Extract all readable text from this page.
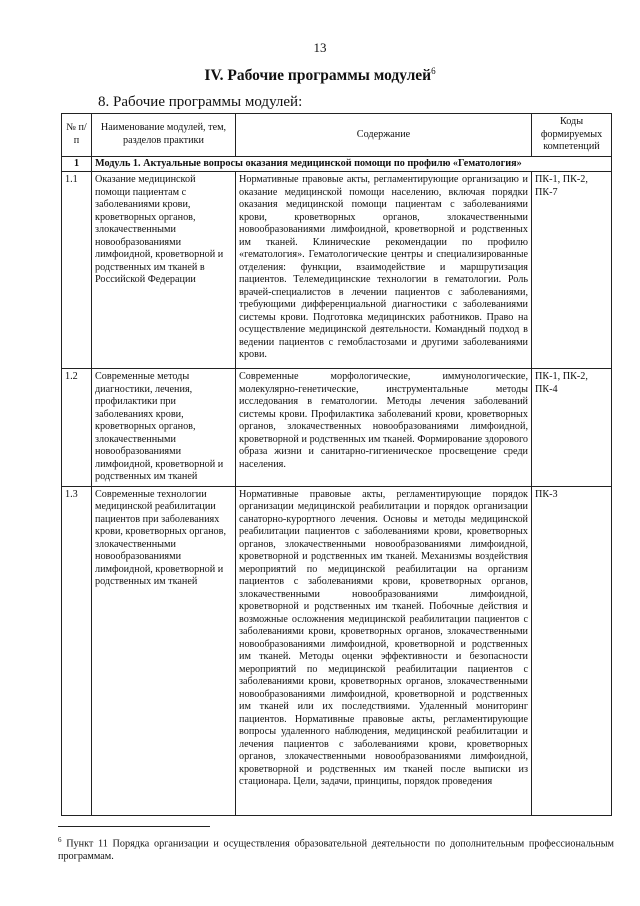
13
IV. Рабочие программы модулей$^6$
8. Рабочие программы модулей:
№ п/п	Наименование модулей, тем, разделов практики	Содержание	Коды формируемых компетенций
1	Модуль 1. Актуальные вопросы оказания медицинской помощи по профилю «Гематология»		
1.1	Оказание медицинской помощи пациентам с заболеваниями крови, кроветворных органов, злокачественными новообразованиями лимфоидной, кроветворной и родственных им тканей в Российской Федерации	Нормативные правовые акты, регламентирующие организацию и оказание медицинской помощи населению, включая порядки оказания медицинской помощи пациентам с заболеваниями крови, кроветворных органов, злокачественными новообразованиями лимфоидной, кроветворной и родственных им тканей. Клинические рекомендации по профилю «гематология». Гематологические центры и специализированные отделения: функции, взаимодействие и маршрутизация пациентов. Телемедицинские технологии в гематологии. Роль врачей-специалистов в лечении пациентов с заболеваниями, требующими дифференциальной диагностики с заболеваниями системы крови. Подготовка медицинских работников. Право на осуществление медицинской деятельности. Командный подход в ведении пациентов с гемобластозами и другими заболеваниями крови.	ПК-1, ПК-2, ПК-7
1.2	Современные методы диагностики, лечения, профилактики при заболеваниях крови, кроветворных органов, злокачественными новообразованиями лимфоидной, кроветворной и родственных им тканей	Современные морфологические, иммунологические, молекулярно-генетические, инструментальные методы исследования в гематологии. Методы лечения заболеваний системы крови. Профилактика заболеваний крови, кроветворных органов, злокачественных новообразованиями лимфоидной, кроветворной и родственных им тканей. Формирование здорового образа жизни и санитарно-гигиеническое просвещение среди населения.	ПК-1, ПК-2, ПК-4
1.3	Современные технологии медицинской реабилитации пациентов при заболеваниях крови, кроветворных органов, злокачественными новообразованиями лимфоидной, кроветворной и родственных им тканей	Нормативные правовые акты, регламентирующие порядок организации медицинской реабилитации и порядок организации санаторно-курортного лечения. Основы и методы медицинской реабилитации пациентов с заболеваниями крови, кроветворных органов, злокачественными новообразованиями лимфоидной, кроветворной и родственных им тканей. Механизмы воздействия мероприятий по медицинской реабилитации на организм пациентов с заболеваниями крови, кроветворных органов, злокачественными новообразованиями лимфоидной, кроветворной и родственных им тканей. Побочные действия и возможные осложнения медицинской реабилитации пациентов с заболеваниями крови, кроветворных органов, злокачественными новообразованиями лимфоидной, кроветворной и родственных им тканей. Методы оценки эффективности и безопасности мероприятий по медицинской реабилитации пациентов с заболеваниями крови, кроветворных органов, злокачественными новообразованиями лимфоидной, кроветворной и родственных им тканей или их последствиями. Удаленный мониторинг пациентов. Нормативные правовые акты, регламентирующие вопросы удаленного наблюдения, медицинской реабилитации и лечения пациентов с заболеваниями крови, кроветворных органов, злокачественными новообразованиями лимфоидной, кроветворной и родственных им тканей после выписки из стационара. Цели, задачи, принципы, порядок проведения	ПК-3
$^6$ Пункт 11 Порядка организации и осуществления образовательной деятельности по дополнительным профессиональным программам.
